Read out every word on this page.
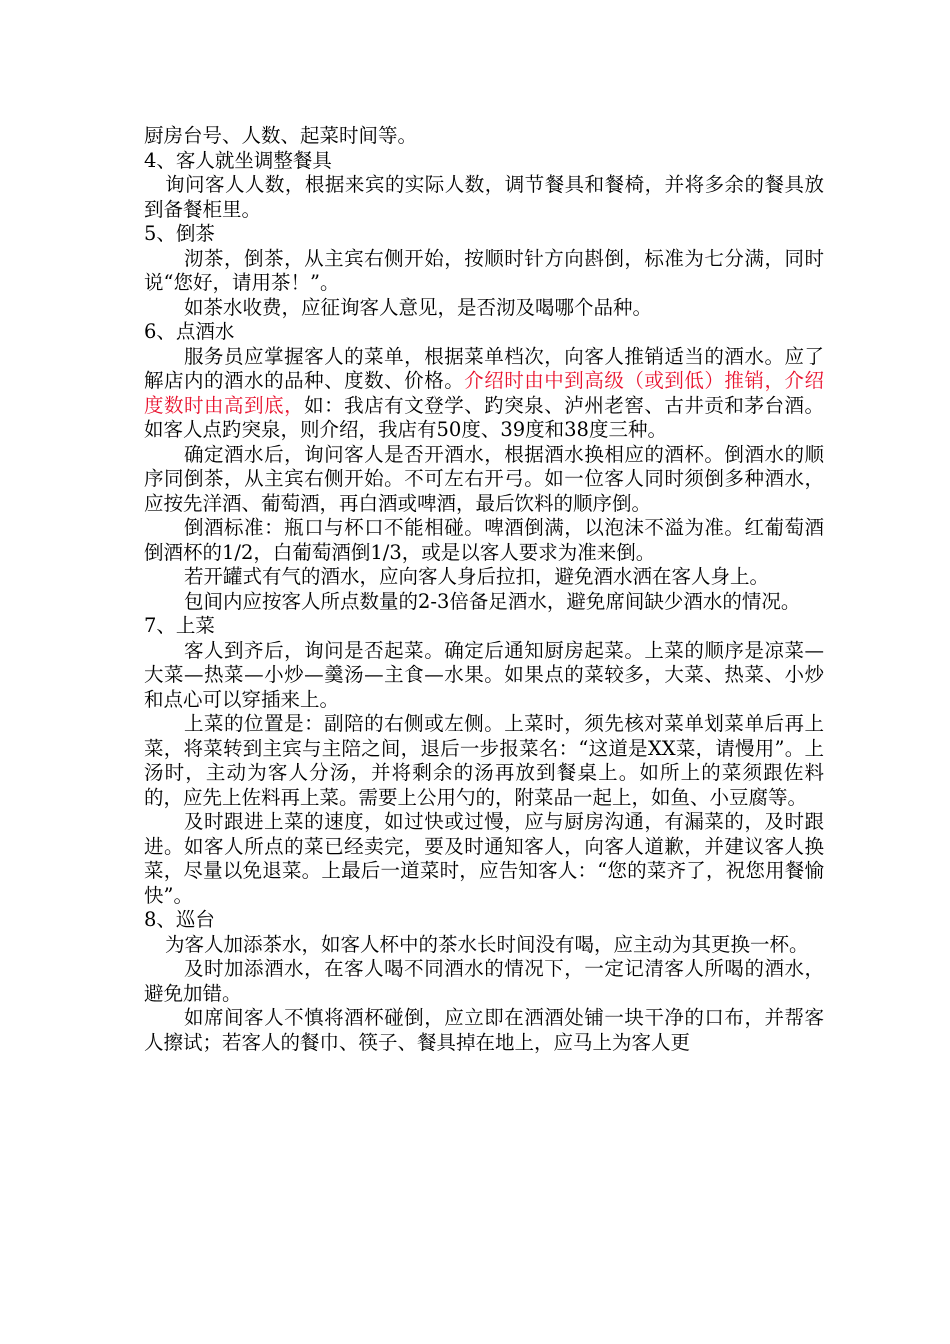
厨房台号、人数、起菜时间等。

4、客人就坐调整餐具

询问客人人数，根据来宾的实际人数，调节餐具和餐椅，并将多余的餐具放到备餐柜里。

5、倒茶

沏茶，倒茶，从主宾右侧开始，按顺时针方向斟倒，标准为七分满，同时说“您好，请用茶！”。

如茶水收费，应征询客人意见，是否沏及喝哪个品种。

6、点酒水

服务员应掌握客人的菜单，根据菜单档次，向客人推销适当的酒水。应了解店内的酒水的品种、度数、价格。介绍时由中到高级（或到低）推销，介绍度数时由高到底，如：我店有文登学、趵突泉、泸州老窖、古井贡和茅台酒。如客人点趵突泉，则介绍，我店有50度、39度和38度三种。

确定酒水后，询问客人是否开酒水，根据酒水换相应的酒杯。倒酒水的顺序同倒茶，从主宾右侧开始。不可左右开弓。如一位客人同时须倒多种酒水，应按先洋酒、葡萄酒，再白酒或啤酒，最后饮料的顺序倒。

倒酒标准：瓶口与杯口不能相碰。啤酒倒满，以泡沫不溢为准。红葡萄酒倒酒杯的1/2，白葡萄酒倒1/3，或是以客人要求为准来倒。

若开罐式有气的酒水，应向客人身后拉扣，避免酒水洒在客人身上。

包间内应按客人所点数量的2-3倍备足酒水，避免席间缺少酒水的情况。

7、上菜

客人到齐后，询问是否起菜。确定后通知厨房起菜。上菜的顺序是凉菜—大菜—热菜—小炒—羹汤—主食—水果。如果点的菜较多，大菜、热菜、小炒和点心可以穿插来上。

上菜的位置是：副陪的右侧或左侧。上菜时，须先核对菜单划菜单后再上菜，将菜转到主宾与主陪之间，退后一步报菜名：“这道是XX菜，请慢用”。上汤时，主动为客人分汤，并将剩余的汤再放到餐桌上。如所上的菜须跟佐料的，应先上佐料再上菜。需要上公用勺的，附菜品一起上，如鱼、小豆腐等。

及时跟进上菜的速度，如过快或过慢，应与厨房沟通，有漏菜的，及时跟进。如客人所点的菜已经卖完，要及时通知客人，向客人道歉，并建议客人换菜，尽量以免退菜。上最后一道菜时，应告知客人：“您的菜齐了，祝您用餐愉快”。

8、巡台

为客人加添茶水，如客人杯中的茶水长时间没有喝，应主动为其更换一杯。

及时加添酒水，在客人喝不同酒水的情况下，一定记清客人所喝的酒水，避免加错。

如席间客人不慎将酒杯碰倒，应立即在洒酒处铺一块干净的口布，并帮客人擦试；若客人的餐巾、筷子、餐具掉在地上，应马上为客人更
